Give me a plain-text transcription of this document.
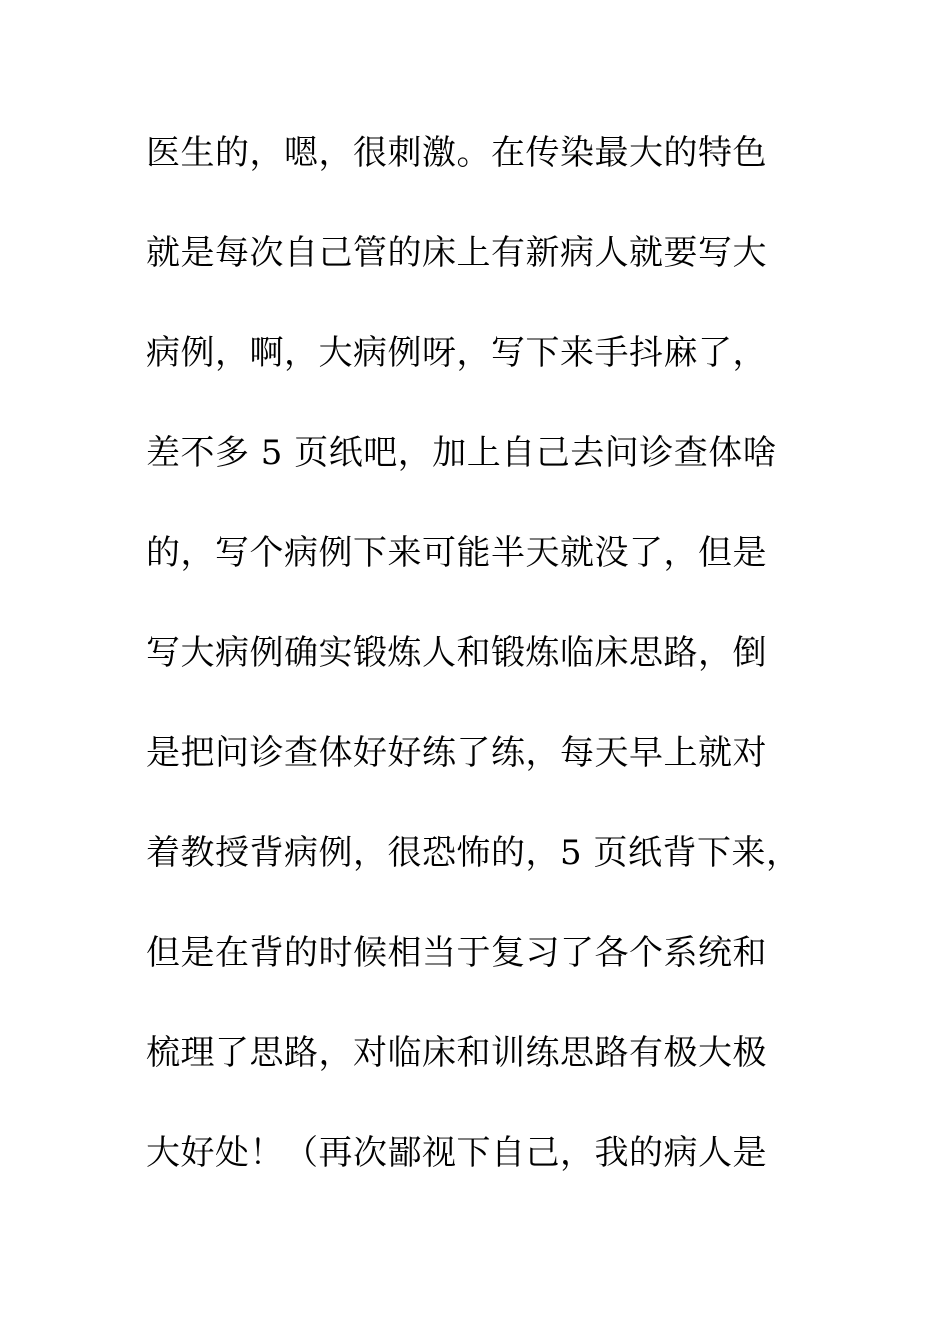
医生的，嗯，很刺激。在传染最大的特色
就是每次自己管的床上有新病人就要写大
病例，啊，大病例呀，写下来手抖麻了，
差不多 5 页纸吧，加上自己去问诊查体啥
的，写个病例下来可能半天就没了，但是
写大病例确实锻炼人和锻炼临床思路，倒
是把问诊查体好好练了练，每天早上就对
着教授背病例，很恐怖的，5 页纸背下来，
但是在背的时候相当于复习了各个系统和
梳理了思路，对临床和训练思路有极大极
大好处！（再次鄙视下自己，我的病人是
